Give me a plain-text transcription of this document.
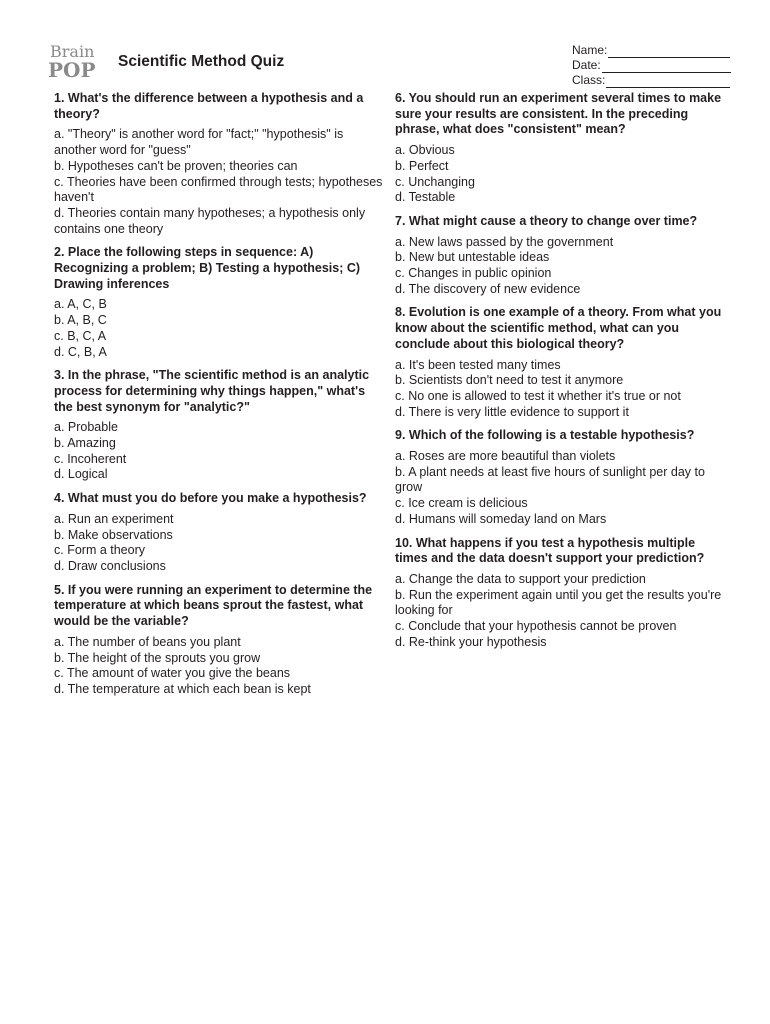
Brain
POP Scientific Method Quiz
Name:
Date:
Class:
1. What's the difference between a hypothesis and a theory?
a. "Theory" is another word for "fact;" "hypothesis" is another word for "guess"
b. Hypotheses can't be proven; theories can
c. Theories have been confirmed through tests; hypotheses haven't
d. Theories contain many hypotheses; a hypothesis only contains one theory
2. Place the following steps in sequence: A) Recognizing a problem; B) Testing a hypothesis; C) Drawing inferences
a. A, C, B
b. A, B, C
c. B, C, A
d. C, B, A
3. In the phrase, "The scientific method is an analytic process for determining why things happen," what's the best synonym for "analytic?"
a. Probable
b. Amazing
c. Incoherent
d. Logical
4. What must you do before you make a hypothesis?
a. Run an experiment
b. Make observations
c. Form a theory
d. Draw conclusions
5. If you were running an experiment to determine the temperature at which beans sprout the fastest, what would be the variable?
a. The number of beans you plant
b. The height of the sprouts you grow
c. The amount of water you give the beans
d. The temperature at which each bean is kept
6. You should run an experiment several times to make sure your results are consistent. In the preceding phrase, what does "consistent" mean?
a. Obvious
b. Perfect
c. Unchanging
d. Testable
7. What might cause a theory to change over time?
a. New laws passed by the government
b. New but untestable ideas
c. Changes in public opinion
d. The discovery of new evidence
8. Evolution is one example of a theory. From what you know about the scientific method, what can you conclude about this biological theory?
a. It's been tested many times
b. Scientists don't need to test it anymore
c. No one is allowed to test it whether it's true or not
d. There is very little evidence to support it
9. Which of the following is a testable hypothesis?
a. Roses are more beautiful than violets
b. A plant needs at least five hours of sunlight per day to grow
c. Ice cream is delicious
d. Humans will someday land on Mars
10. What happens if you test a hypothesis multiple times and the data doesn't support your prediction?
a. Change the data to support your prediction
b. Run the experiment again until you get the results you're looking for
c. Conclude that your hypothesis cannot be proven
d. Re-think your hypothesis
